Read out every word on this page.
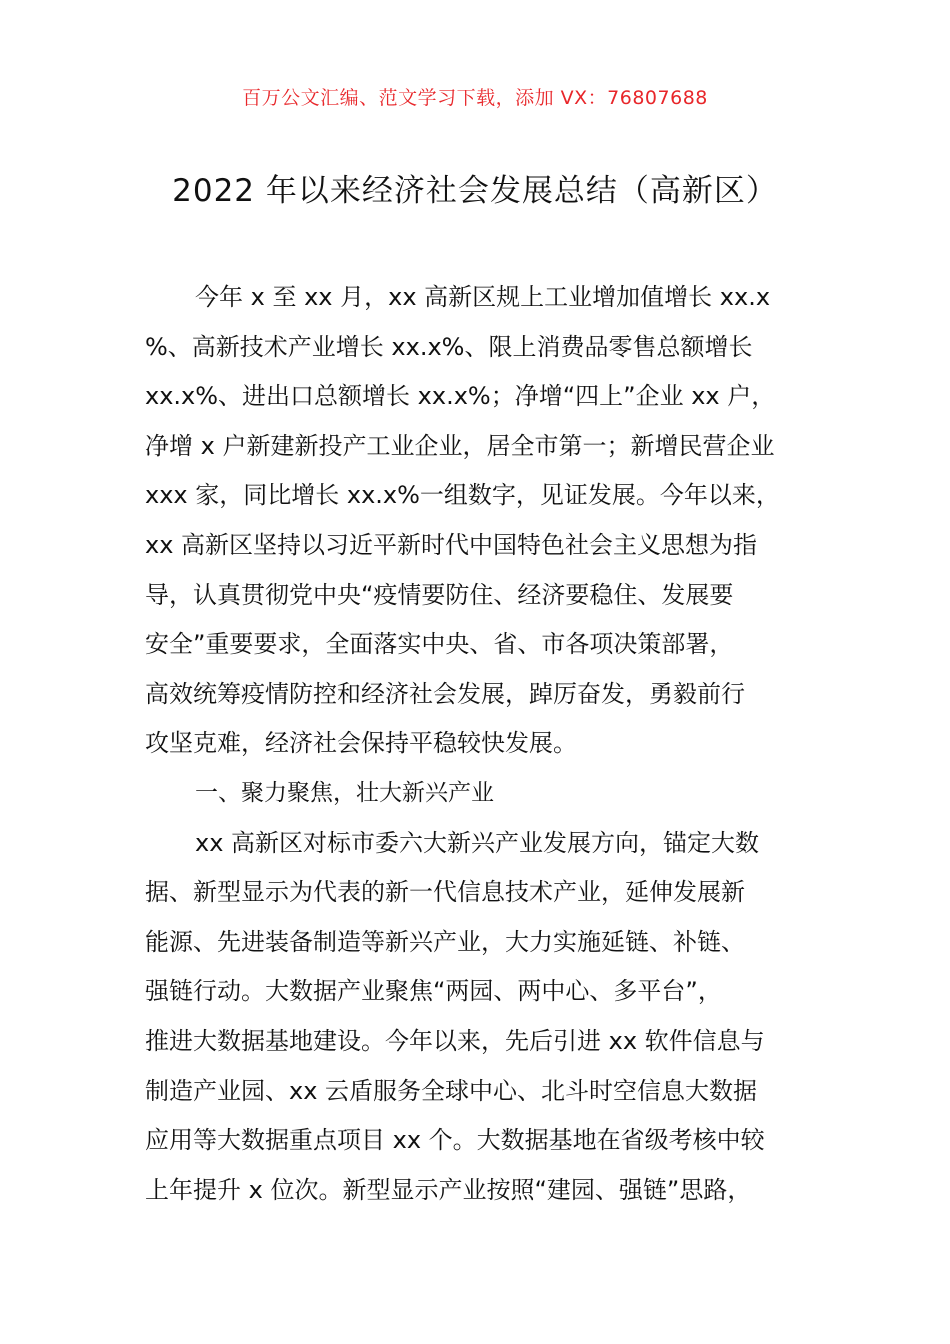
百万公文汇编、范文学习下载，添加 VX：76807688
2022 年以来经济社会发展总结（高新区）
今年 x 至 xx 月，xx 高新区规上工业增加值增长 xx.x
%、高新技术产业增长 xx.x%、限上消费品零售总额增长
xx.x%、进出口总额增长 xx.x%；净增“四上”企业 xx 户，
净增 x 户新建新投产工业企业，居全市第一；新增民营企业
xxx 家，同比增长 xx.x%一组数字，见证发展。今年以来，
xx 高新区坚持以习近平新时代中国特色社会主义思想为指
导，认真贯彻党中央“疫情要防住、经济要稳住、发展要
安全”重要要求，全面落实中央、省、市各项决策部署，
高效统筹疫情防控和经济社会发展，踔厉奋发，勇毅前行
攻坚克难，经济社会保持平稳较快发展。
一、聚力聚焦，壮大新兴产业
xx 高新区对标市委六大新兴产业发展方向，锚定大数
据、新型显示为代表的新一代信息技术产业，延伸发展新
能源、先进装备制造等新兴产业，大力实施延链、补链、
强链行动。大数据产业聚焦“两园、两中心、多平台”，
推进大数据基地建设。今年以来，先后引进 xx 软件信息与
制造产业园、xx 云盾服务全球中心、北斗时空信息大数据
应用等大数据重点项目 xx 个。大数据基地在省级考核中较
上年提升 x 位次。新型显示产业按照“建园、强链”思路，
